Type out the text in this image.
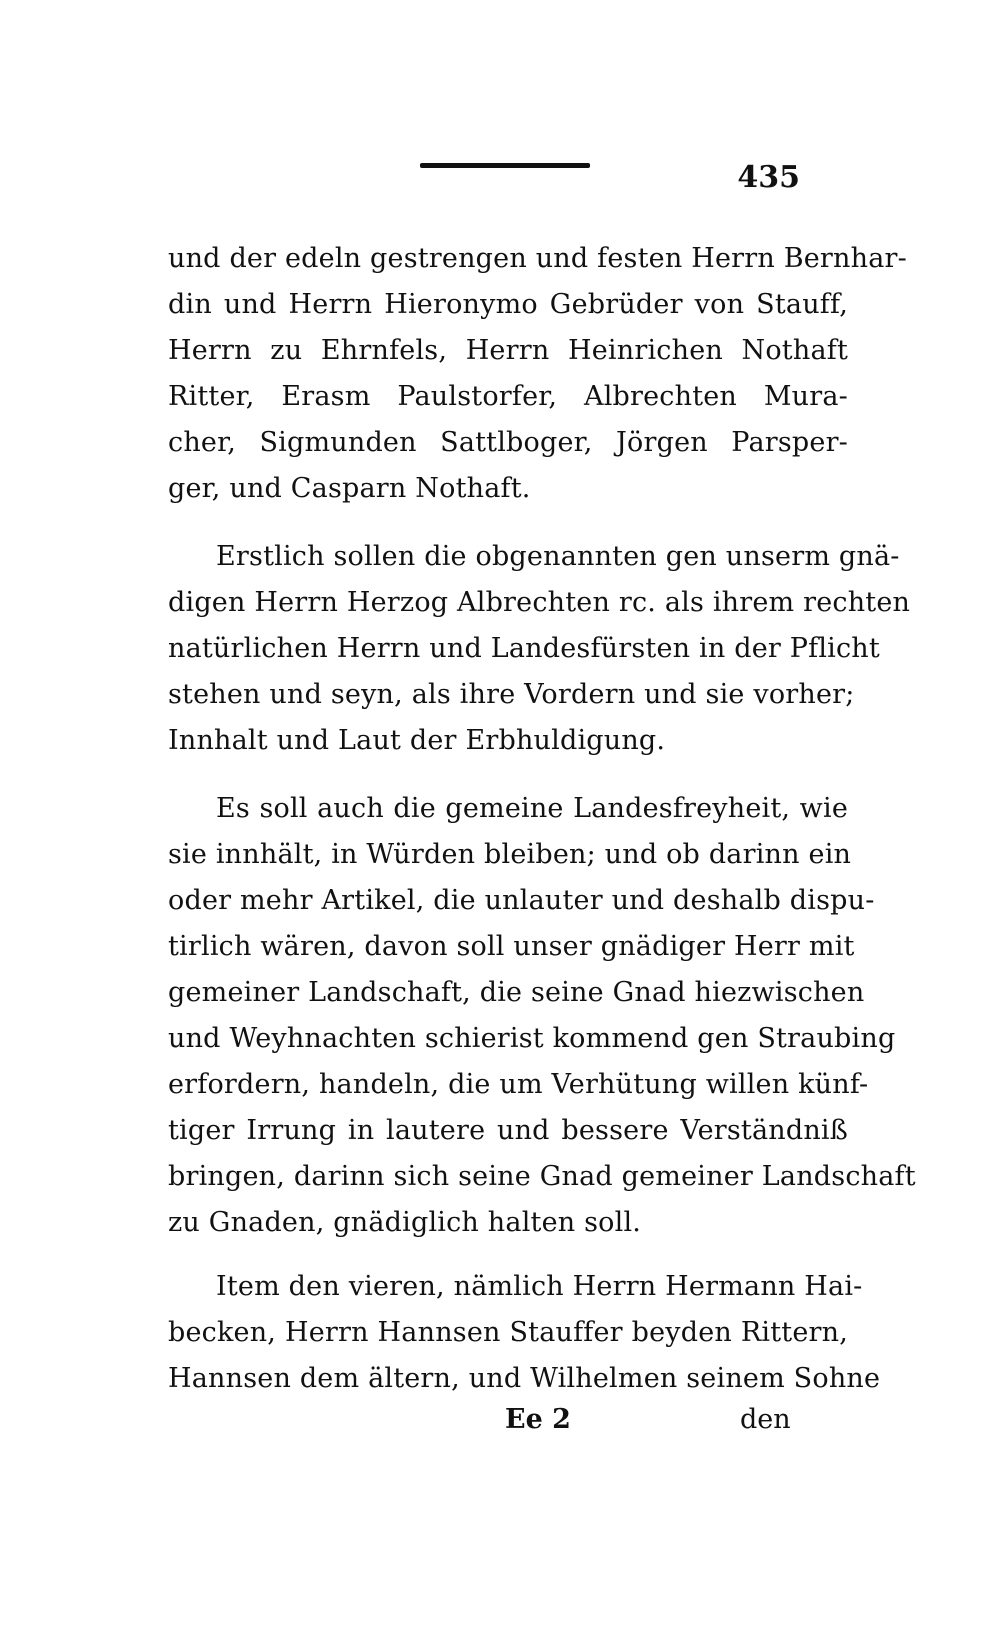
435
und der edeln gestrengen und festen Herrn Bernhar-
din und Herrn Hieronymo Gebrüder von Stauff,
Herrn zu Ehrnfels, Herrn Heinrichen Nothaft
Ritter, Erasm Paulstorfer, Albrechten Mura-
cher, Sigmunden Sattlboger, Jörgen Parsper-
ger, und Casparn Nothaft.
Erstlich sollen die obgenannten gen unserm gnä-
digen Herrn Herzog Albrechten rc. als ihrem rechten
natürlichen Herrn und Landesfürsten in der Pflicht
stehen und seyn, als ihre Vordern und sie vorher;
Innhalt und Laut der Erbhuldigung.
Es soll auch die gemeine Landesfreyheit, wie
sie innhält, in Würden bleiben; und ob darinn ein
oder mehr Artikel, die unlauter und deshalb dispu-
tirlich wären, davon soll unser gnädiger Herr mit
gemeiner Landschaft, die seine Gnad hiezwischen
und Weyhnachten schierist kommend gen Straubing
erfordern, handeln, die um Verhütung willen künf-
tiger Irrung in lautere und bessere Verständniß
bringen, darinn sich seine Gnad gemeiner Landschaft
zu Gnaden, gnädiglich halten soll.
Item den vieren, nämlich Herrn Hermann Hai-
becken, Herrn Hannsen Stauffer beyden Rittern,
Hannsen dem ältern, und Wilhelmen seinem Sohne
Ee 2	den
